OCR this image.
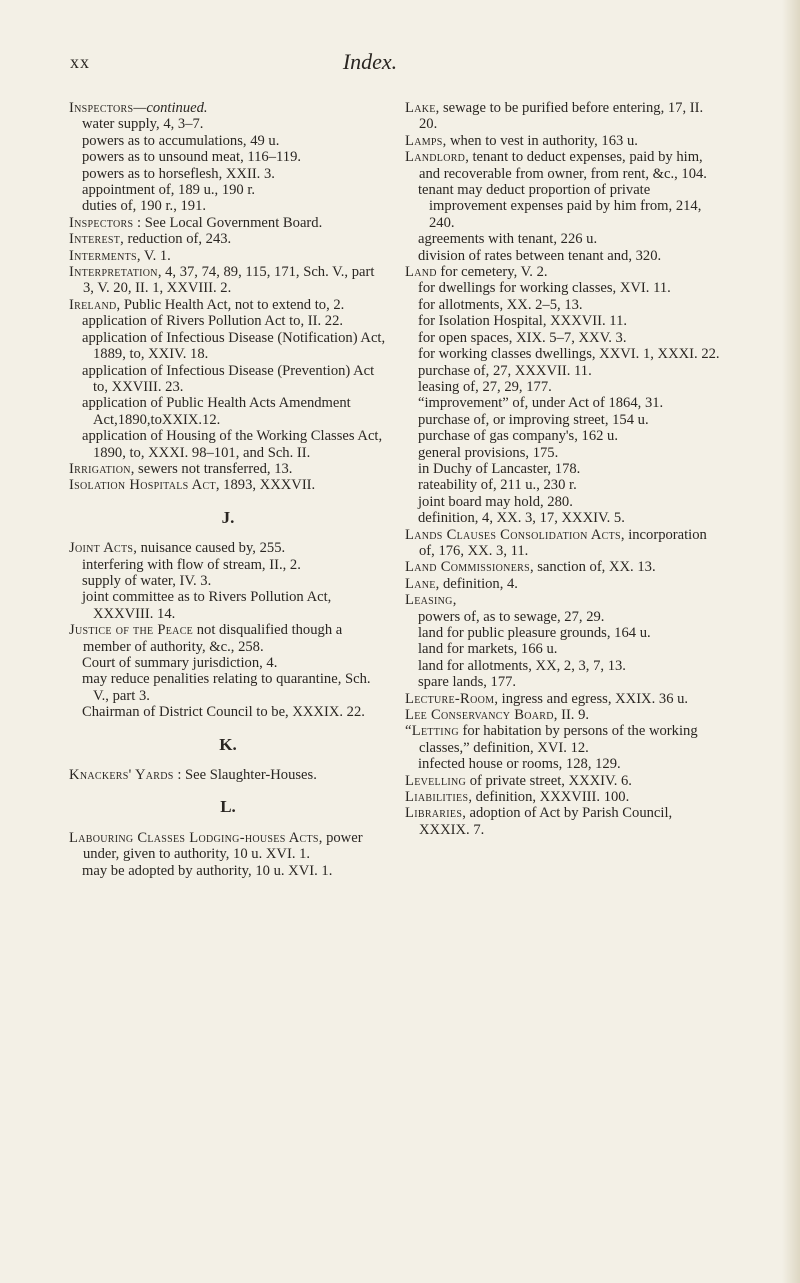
xx	Index.

Inspectors—continued.

water supply, 4, 3–7.

powers as to accumulations, 49 u.

powers as to unsound meat, 116–119.

powers as to horseflesh, XXII. 3.

appointment of, 189 u., 190 r.

duties of, 190 r., 191.

Inspectors : See Local Government Board.

Interest, reduction of, 243.

Interments, V. 1.

Interpretation, 4, 37, 74, 89, 115, 171, Sch. V., part 3, V. 20, II. 1, XXVIII. 2.

Ireland, Public Health Act, not to extend to, 2.

application of Rivers Pollution Act to, II. 22.

application of Infectious Disease (Notification) Act, 1889, to, XXIV. 18.

application of Infectious Disease (Prevention) Act to, XXVIII. 23.

application of Public Health Acts Amendment Act,1890,toXXIX.12.

application of Housing of the Working Classes Act, 1890, to, XXXI. 98–101, and Sch. II.

Irrigation, sewers not transferred, 13.

Isolation Hospitals Act, 1893, XXXVII.

J.

Joint Acts, nuisance caused by, 255.

interfering with flow of stream, II., 2.

supply of water, IV. 3.

joint committee as to Rivers Pollution Act, XXXVIII. 14.

Justice of the Peace not disqualified though a member of authority, &c., 258.

Court of summary jurisdiction, 4.

may reduce penalities relating to quarantine, Sch. V., part 3.

Chairman of District Council to be, XXXIX. 22.

K.

Knackers' Yards : See Slaughter-Houses.

L.

Labouring Classes Lodging-houses Acts, power under, given to authority, 10 u. XVI. 1.

may be adopted by authority, 10 u. XVI. 1.

Lake, sewage to be purified before entering, 17, II. 20.

Lamps, when to vest in authority, 163 u.

Landlord, tenant to deduct expenses, paid by him, and recoverable from owner, from rent, &c., 104.

tenant may deduct proportion of private improvement expenses paid by him from, 214, 240.

agreements with tenant, 226 u.

division of rates between tenant and, 320.

Land for cemetery, V. 2.

for dwellings for working classes, XVI. 11.

for allotments, XX. 2–5, 13.

for Isolation Hospital, XXXVII. 11.

for open spaces, XIX. 5–7, XXV. 3.

for working classes dwellings, XXVI. 1, XXXI. 22.

purchase of, 27, XXXVII. 11.

leasing of, 27, 29, 177.

“improvement” of, under Act of 1864, 31.

purchase of, or improving street, 154 u.

purchase of gas company's, 162 u.

general provisions, 175.

in Duchy of Lancaster, 178.

rateability of, 211 u., 230 r.

joint board may hold, 280.

definition, 4, XX. 3, 17, XXXIV. 5.

Lands Clauses Consolidation Acts, incorporation of, 176, XX. 3, 11.

Land Commissioners, sanction of, XX. 13.

Lane, definition, 4.

Leasing,

powers of, as to sewage, 27, 29.

land for public pleasure grounds, 164 u.

land for markets, 166 u.

land for allotments, XX, 2, 3, 7, 13.

spare lands, 177.

Lecture-Room, ingress and egress, XXIX. 36 u.

Lee Conservancy Board, II. 9.

“Letting for habitation by persons of the working classes,” definition, XVI. 12.

infected house or rooms, 128, 129.

Levelling of private street, XXXIV. 6.

Liabilities, definition, XXXVIII. 100.

Libraries, adoption of Act by Parish Council, XXXIX. 7.
